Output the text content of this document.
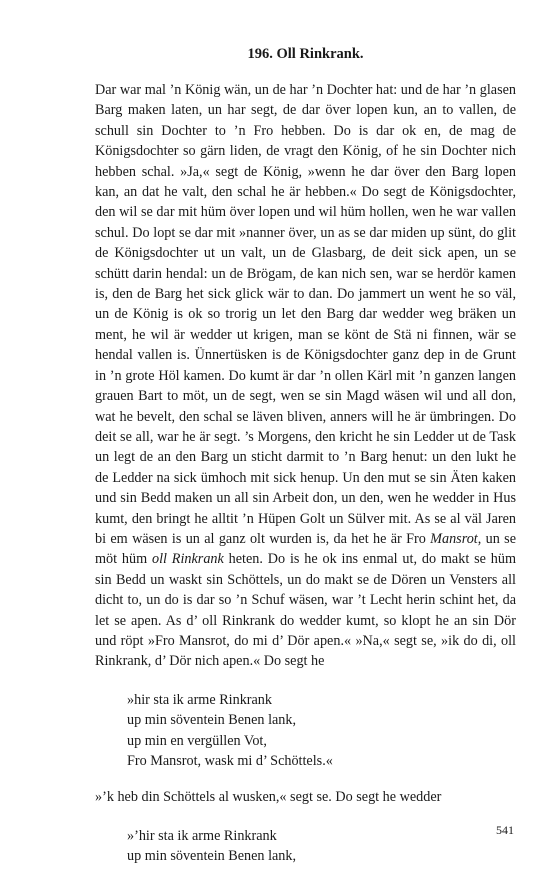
196. Oll Rinkrank.

Dar war mal ’n König wän, un de har ’n Dochter hat: und de har ’n glasen Barg maken laten, un har segt, de dar över lopen kun, an to vallen, de schull sin Dochter to ’n Fro hebben. Do is dar ok en, de mag de Königsdochter so gärn liden, de vragt den König, of he sin Dochter nich hebben schal. »Ja,« segt de König, »wenn he dar över den Barg lopen kan, an dat he valt, den schal he är hebben.« Do segt de Königsdochter, den wil se dar mit hüm över lopen und wil hüm hollen, wen he war vallen schul. Do lopt se dar mit »nanner över, un as se dar miden up sünt, do glit de Königsdochter ut un valt, un de Glasbarg, de deit sick apen, un se schütt darin hendal: un de Brögam, de kan nich sen, war se herdör kamen is, den de Barg het sick glick wär to dan. Do jammert un went he so väl, un de König is ok so trorig un let den Barg dar wedder weg bräken un ment, he wil är wedder ut krigen, man se könt de Stä ni finnen, wär se hendal vallen is. Ünnertüsken is de Königsdochter ganz dep in de Grunt in ’n grote Höl kamen. Do kumt är dar ’n ollen Kärl mit ’n ganzen langen grauen Bart to möt, un de segt, wen se sin Magd wäsen wil und all don, wat he bevelt, den schal se läven bliven, anners will he är ümbringen. Do deit se all, war he är segt. ’s Morgens, den kricht he sin Ledder ut de Task un legt de an den Barg un sticht darmit to ’n Barg henut: un den lukt he de Ledder na sick ümhoch mit sick henup. Un den mut se sin Äten kaken und sin Bedd maken un all sin Arbeit don, un den, wen he wedder in Hus kumt, den bringt he alltit ’n Hüpen Golt un Sülver mit. As se al väl Jaren bi em wäsen is un al ganz olt wurden is, da het he är Fro Mansrot, un se möt hüm oll Rinkrank heten. Do is he ok ins enmal ut, do makt se hüm sin Bedd un waskt sin Schöttels, un do makt se de Dören un Vensters all dicht to, un do is dar so ’n Schuf wäsen, war ’t Lecht herin schint het, da let se apen. As d’ oll Rinkrank do wedder kumt, so klopt he an sin Dör und röpt »Fro Mansrot, do mi d’ Dör apen.« »Na,« segt se, »ik do di, oll Rinkrank, d’ Dör nich apen.« Do segt he

»hir sta ik arme Rinkrank
up min söventein Benen lank,
up min en vergüllen Vot,
Fro Mansrot, wask mi d’ Schöttels.«

»’k heb din Schöttels al wusken,« segt se. Do segt he wedder

»’hir sta ik arme Rinkrank
up min söventein Benen lank,
541
